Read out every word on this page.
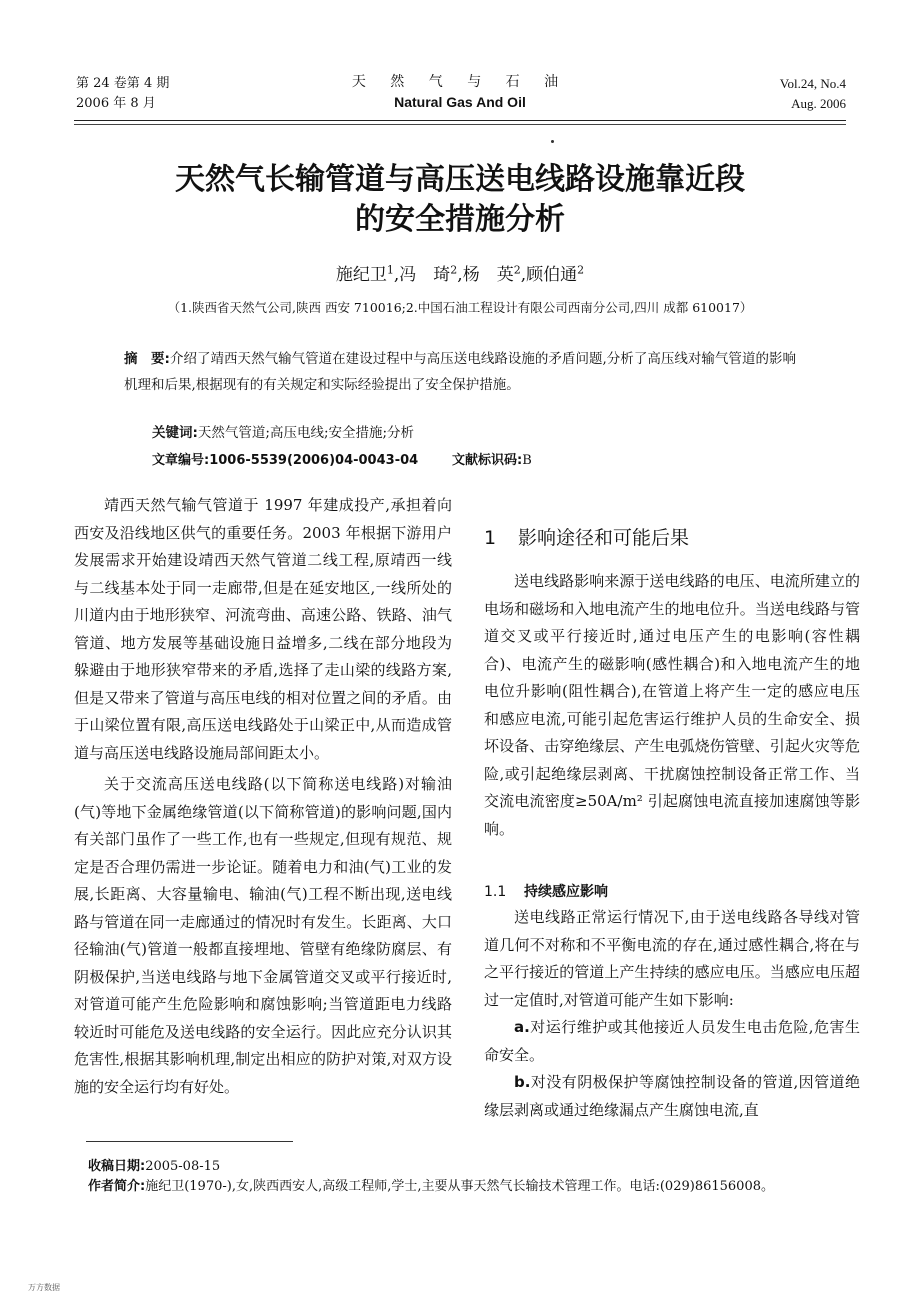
第 24 卷第 4 期
2006 年 8 月
天 然 气 与 石 油
Natural Gas And Oil
Vol.24, No.4
Aug. 2006
天然气长输管道与高压送电线路设施靠近段
的安全措施分析
施纪卫$^1$,冯　琦$^2$,杨　英$^2$,顾伯通$^2$
（1.陕西省天然气公司,陕西 西安 710016;2.中国石油工程设计有限公司西南分公司,四川 成都 610017）
摘　要:介绍了靖西天然气输气管道在建设过程中与高压送电线路设施的矛盾问题,分析了高压线对输气管道的影响机理和后果,根据现有的有关规定和实际经验提出了安全保护措施。
关键词:天然气管道;高压电线;安全措施;分析
文章编号:1006-5539(2006)04-0043-04	文献标识码:B

靖西天然气输气管道于 1997 年建成投产,承担着向西安及沿线地区供气的重要任务。2003 年根据下游用户发展需求开始建设靖西天然气管道二线工程,原靖西一线与二线基本处于同一走廊带,但是在延安地区,一线所处的川道内由于地形狭窄、河流弯曲、高速公路、铁路、油气管道、地方发展等基础设施日益增多,二线在部分地段为躲避由于地形狭窄带来的矛盾,选择了走山梁的线路方案,但是又带来了管道与高压电线的相对位置之间的矛盾。由于山梁位置有限,高压送电线路处于山梁正中,从而造成管道与高压送电线路设施局部间距太小。

关于交流高压送电线路(以下简称送电线路)对输油(气)等地下金属绝缘管道(以下简称管道)的影响问题,国内有关部门虽作了一些工作,也有一些规定,但现有规范、规定是否合理仍需进一步论证。随着电力和油(气)工业的发展,长距离、大容量输电、输油(气)工程不断出现,送电线路与管道在同一走廊通过的情况时有发生。长距离、大口径输油(气)管道一般都直接埋地、管壁有绝缘防腐层、有阴极保护,当送电线路与地下金属管道交叉或平行接近时,对管道可能产生危险影响和腐蚀影响;当管道距电力线路较近时可能危及送电线路的安全运行。因此应充分认识其危害性,根据其影响机理,制定出相应的防护对策,对双方设施的安全运行均有好处。

1 影响途径和可能后果

送电线路影响来源于送电线路的电压、电流所建立的电场和磁场和入地电流产生的地电位升。当送电线路与管道交叉或平行接近时,通过电压产生的电影响(容性耦合)、电流产生的磁影响(感性耦合)和入地电流产生的地电位升影响(阻性耦合),在管道上将产生一定的感应电压和感应电流,可能引起危害运行维护人员的生命安全、损坏设备、击穿绝缘层、产生电弧烧伤管壁、引起火灾等危险,或引起绝缘层剥离、干扰腐蚀控制设备正常工作、当交流电流密度≥50A/m² 引起腐蚀电流直接加速腐蚀等影响。

1.1 持续感应影响

送电线路正常运行情况下,由于送电线路各导线对管道几何不对称和不平衡电流的存在,通过感性耦合,将在与之平行接近的管道上产生持续的感应电压。当感应电压超过一定值时,对管道可能产生如下影响:

a.对运行维护或其他接近人员发生电击危险,危害生命安全。

b.对没有阴极保护等腐蚀控制设备的管道,因管道绝缘层剥离或通过绝缘漏点产生腐蚀电流,直

收稿日期:2005-08-15
作者简介:施纪卫(1970-),女,陕西西安人,高级工程师,学士,主要从事天然气长输技术管理工作。电话:(029)86156008。
万方数据
